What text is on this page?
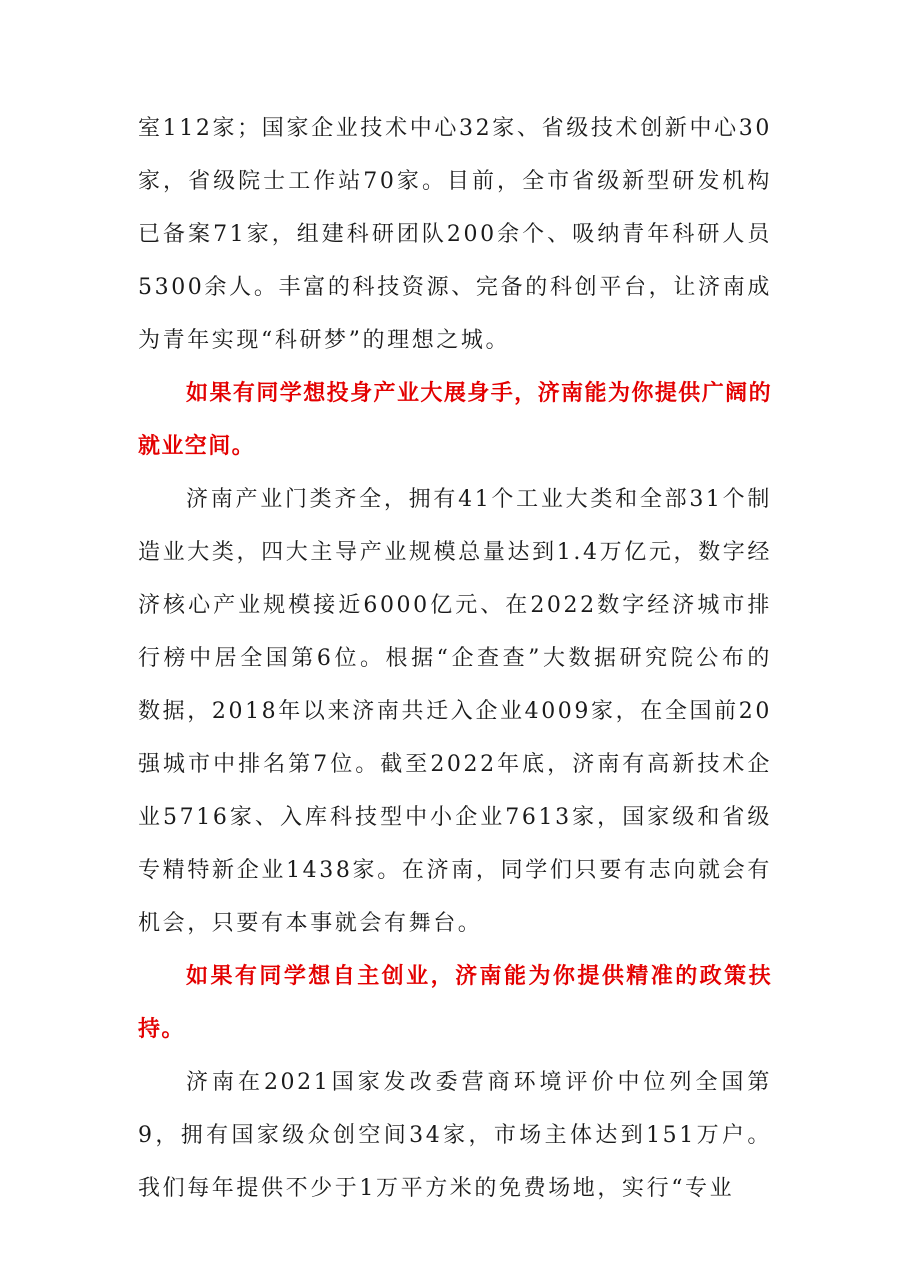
室112家；国家企业技术中心32家、省级技术创新中心30家，省级院士工作站70家。目前，全市省级新型研发机构已备案71家，组建科研团队200余个、吸纳青年科研人员5300余人。丰富的科技资源、完备的科创平台，让济南成为青年实现“科研梦”的理想之城。

如果有同学想投身产业大展身手，济南能为你提供广阔的就业空间。

济南产业门类齐全，拥有41个工业大类和全部31个制造业大类，四大主导产业规模总量达到1.4万亿元，数字经济核心产业规模接近6000亿元、在2022数字经济城市排行榜中居全国第6位。根据“企查查”大数据研究院公布的数据，2018年以来济南共迁入企业4009家，在全国前20强城市中排名第7位。截至2022年底，济南有高新技术企业5716家、入库科技型中小企业7613家，国家级和省级专精特新企业1438家。在济南，同学们只要有志向就会有机会，只要有本事就会有舞台。

如果有同学想自主创业，济南能为你提供精准的政策扶持。

济南在2021国家发改委营商环境评价中位列全国第9，拥有国家级众创空间34家，市场主体达到151万户。我们每年提供不少于1万平方米的免费场地，实行“专业
